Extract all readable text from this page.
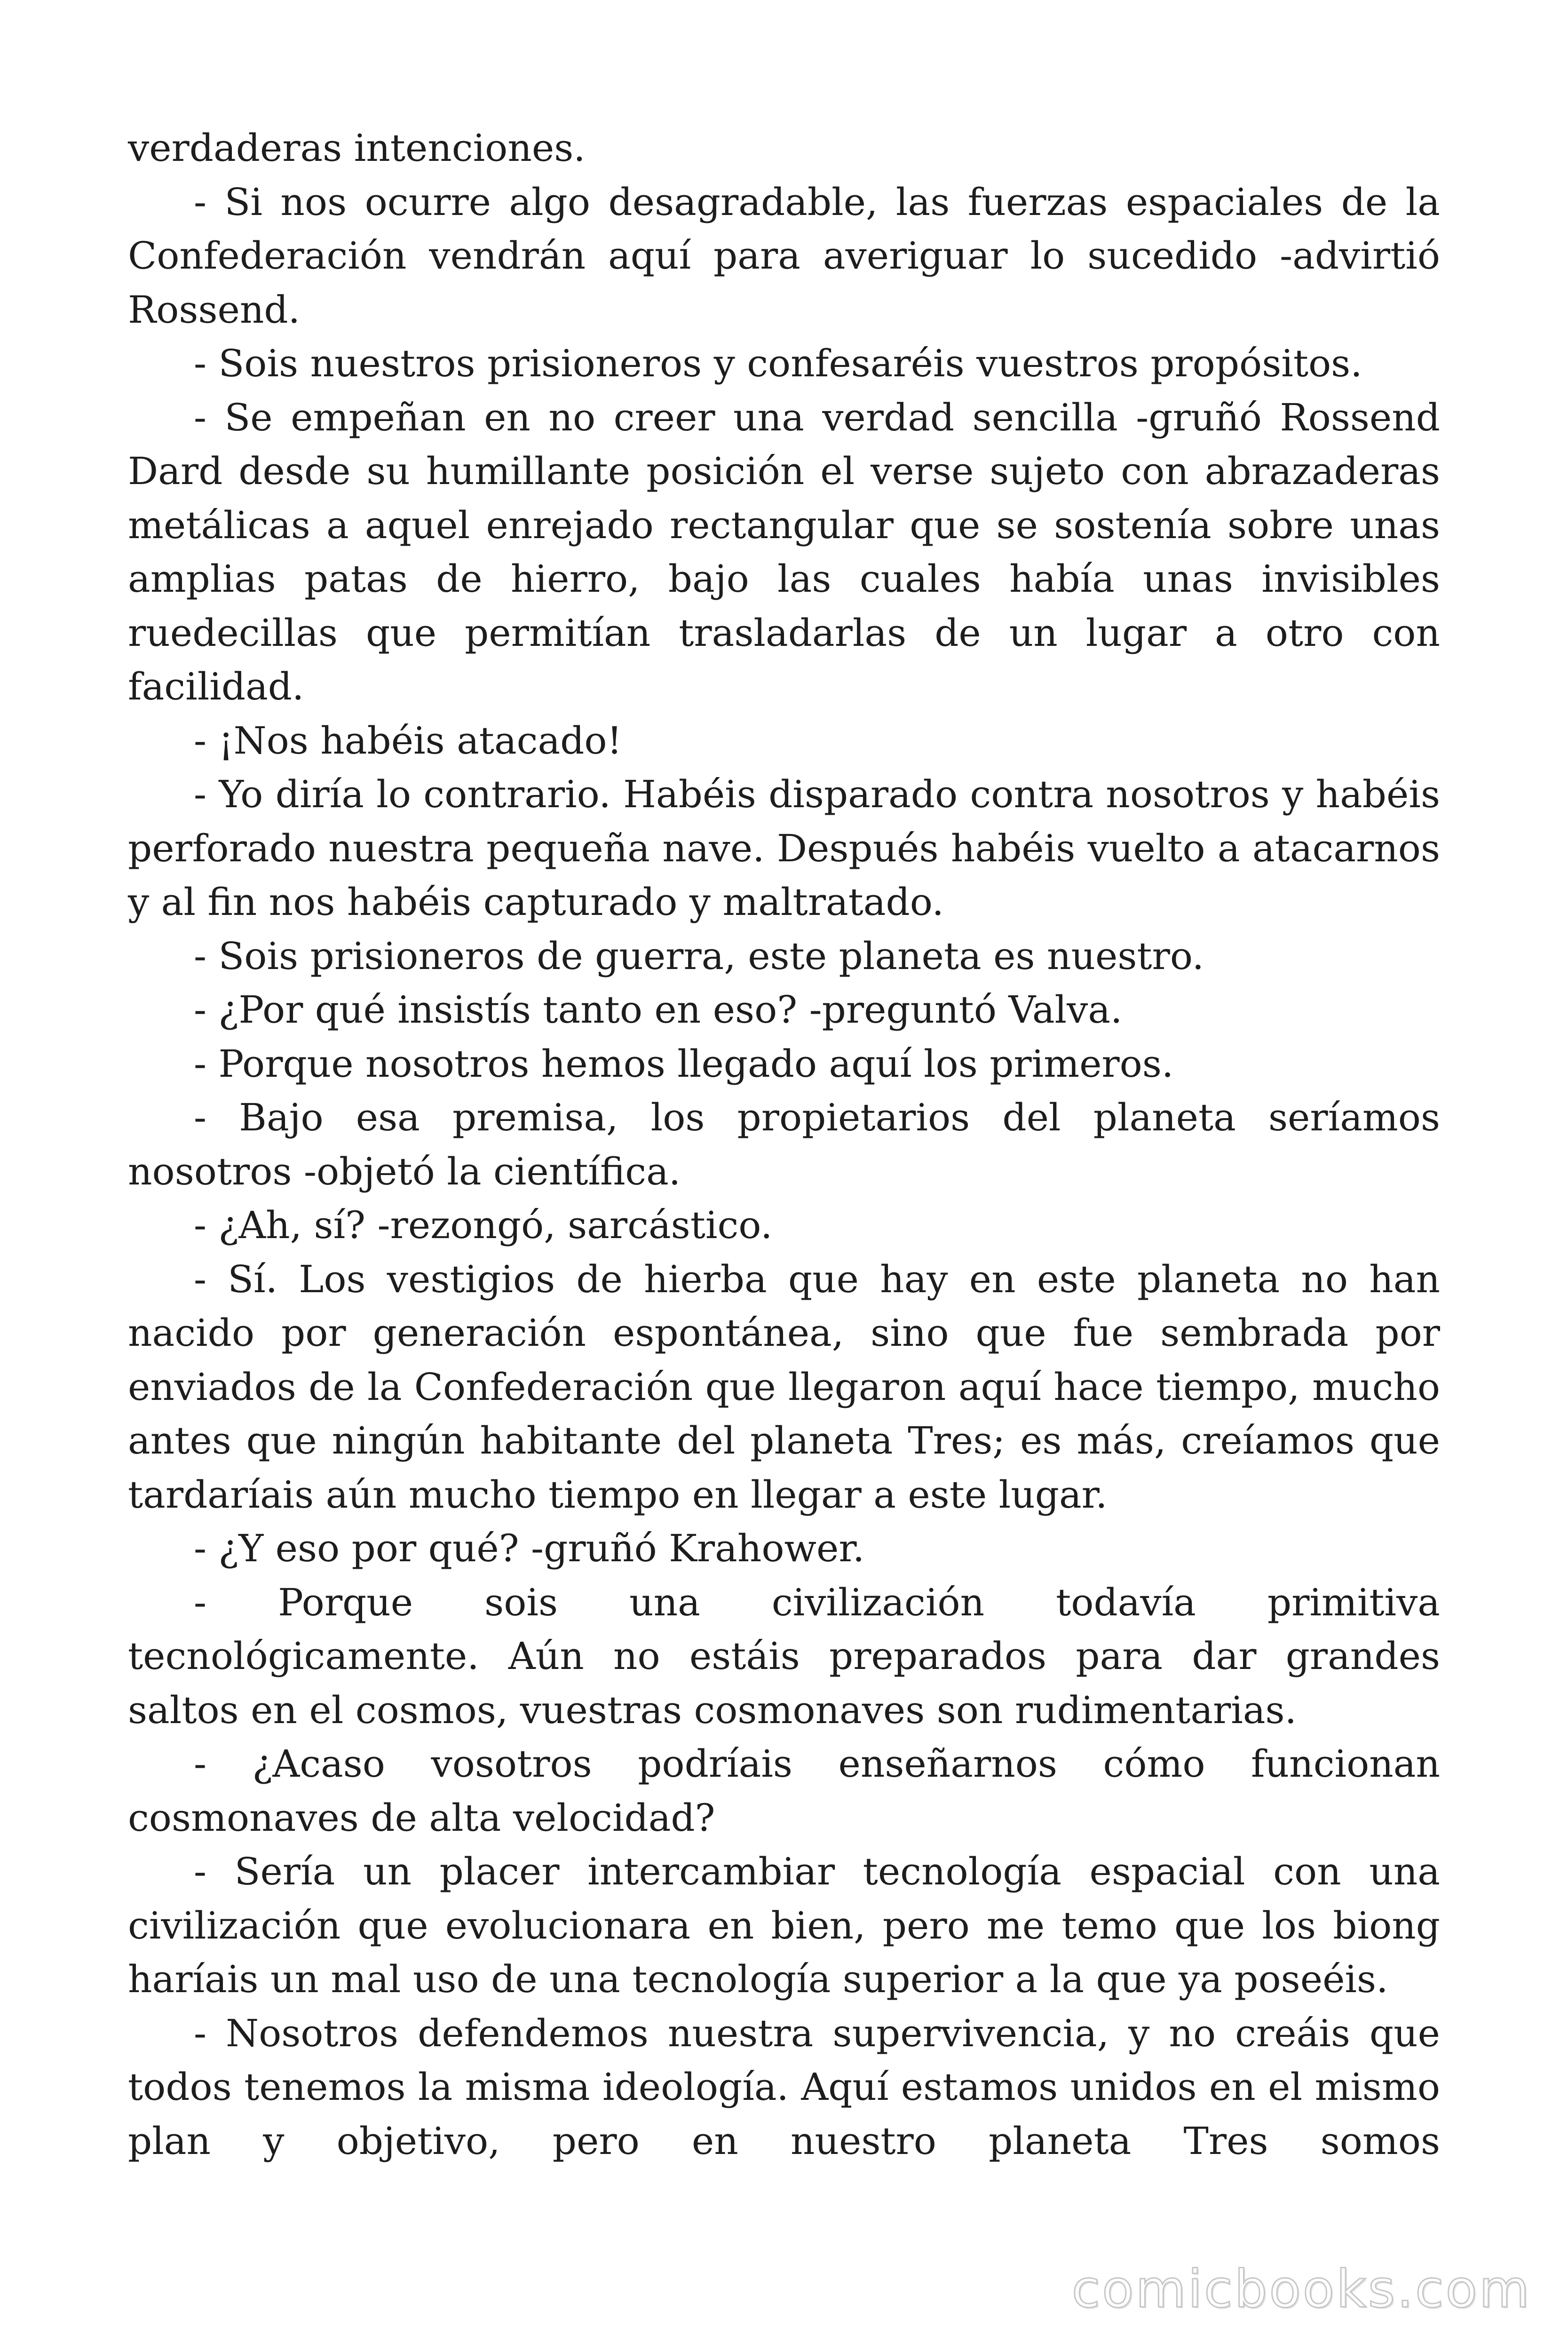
verdaderas intenciones.

- Si nos ocurre algo desagradable, las fuerzas espaciales de la Confederación vendrán aquí para averiguar lo sucedido -advirtió Rossend.

- Sois nuestros prisioneros y confesaréis vuestros propósitos.

- Se empeñan en no creer una verdad sencilla -gruñó Rossend Dard desde su humillante posición el verse sujeto con abrazaderas metálicas a aquel enrejado rectangular que se sostenía sobre unas amplias patas de hierro, bajo las cuales había unas invisibles ruedecillas que permitían trasladarlas de un lugar a otro con facilidad.

- ¡Nos habéis atacado!

- Yo diría lo contrario. Habéis disparado contra nosotros y habéis perforado nuestra pequeña nave. Después habéis vuelto a atacarnos y al fin nos habéis capturado y maltratado.

- Sois prisioneros de guerra, este planeta es nuestro.

- ¿Por qué insistís tanto en eso? -preguntó Valva.

- Porque nosotros hemos llegado aquí los primeros.

- Bajo esa premisa, los propietarios del planeta seríamos nosotros -objetó la científica.

- ¿Ah, sí? -rezongó, sarcástico.

- Sí. Los vestigios de hierba que hay en este planeta no han nacido por generación espontánea, sino que fue sembrada por enviados de la Confederación que llegaron aquí hace tiempo, mucho antes que ningún habitante del planeta Tres; es más, creíamos que tardaríais aún mucho tiempo en llegar a este lugar.

- ¿Y eso por qué? -gruñó Krahower.

- Porque sois una civilización todavía primitiva tecnológicamente. Aún no estáis preparados para dar grandes saltos en el cosmos, vuestras cosmonaves son rudimentarias.

- ¿Acaso vosotros podríais enseñarnos cómo funcionan cosmonaves de alta velocidad?

- Sería un placer intercambiar tecnología espacial con una civilización que evolucionara en bien, pero me temo que los biong haríais un mal uso de una tecnología superior a la que ya poseéis.

- Nosotros defendemos nuestra supervivencia, y no creáis que todos tenemos la misma ideología. Aquí estamos unidos en el mismo plan y objetivo, pero en nuestro planeta Tres somos

comicbooks.com
